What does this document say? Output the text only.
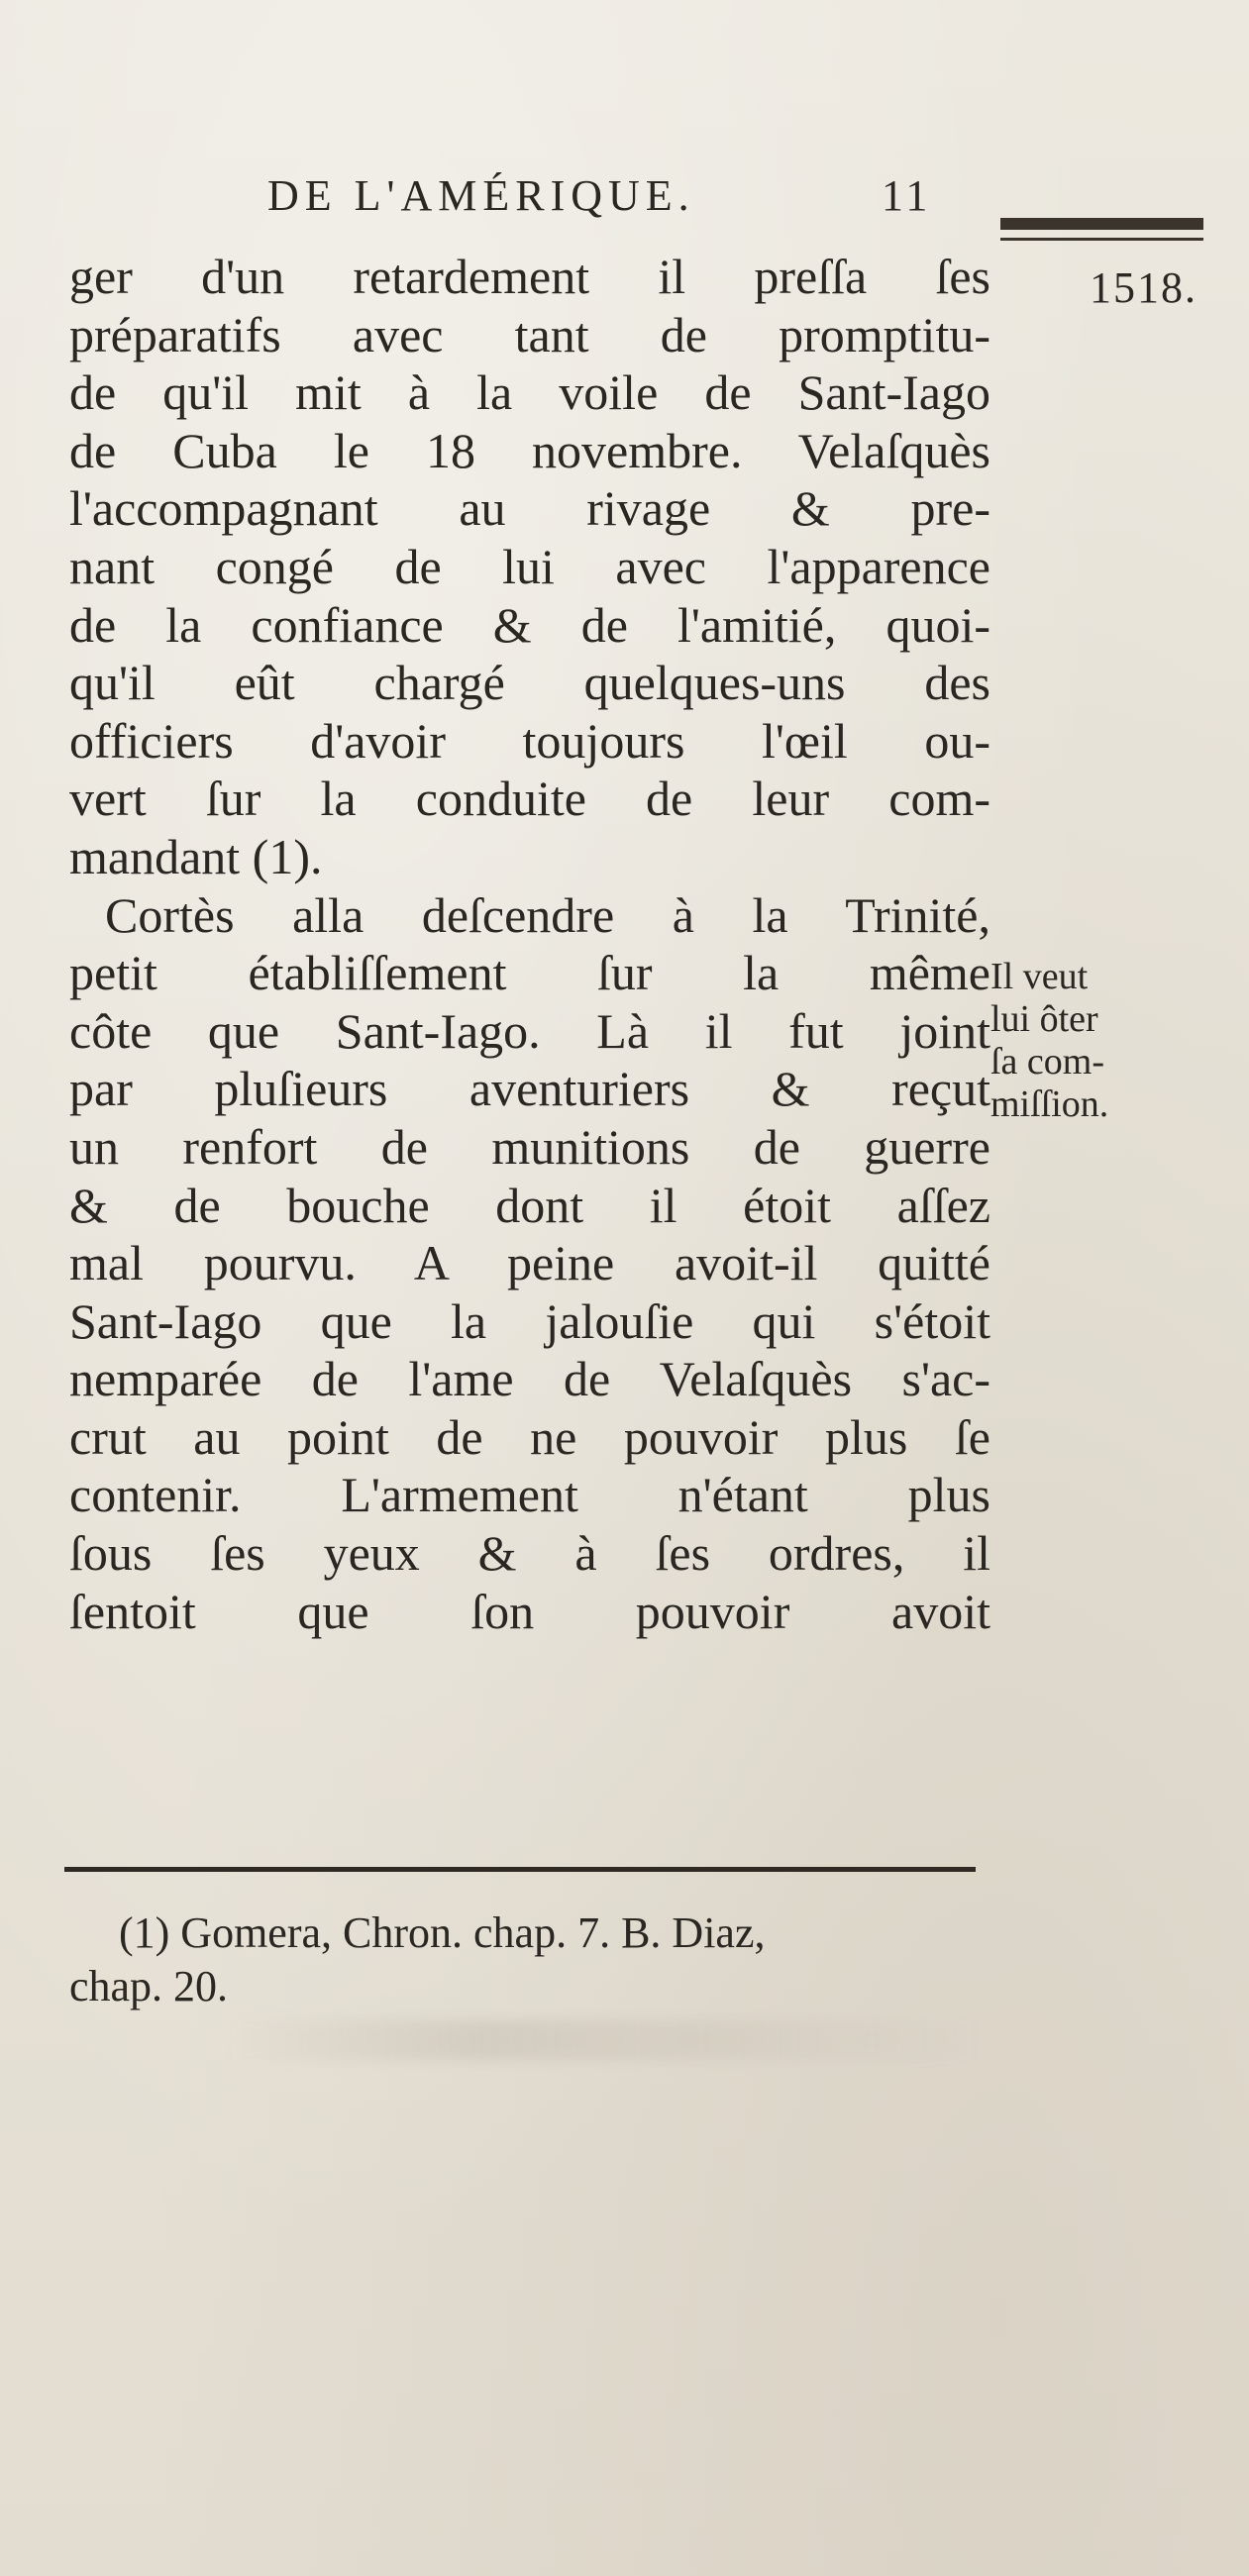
DE L'AMÉRIQUE.	11
1518.
ger d'un retardement il preſſa ſes
préparatifs avec tant de promptitu-
de qu'il mit à la voile de Sant-Iago
de Cuba le 18 novembre. Velaſquès
l'accompagnant au rivage & pre-
nant congé de lui avec l'apparence
de la confiance & de l'amitié, quoi-
qu'il eût chargé quelques-uns des
officiers d'avoir toujours l'œil ou-
vert ſur la conduite de leur com-
mandant (1).
Cortès alla deſcendre à la Trinité,
petit établiſſement ſur la même
côte que Sant-Iago. Là il fut joint
par pluſieurs aventuriers & reçut
un renfort de munitions de guerre
& de bouche dont il étoit aſſez
mal pourvu. A peine avoit-il quitté
Sant-Iago que la jalouſie qui s'étoit
nemparée de l'ame de Velaſquès s'ac-
crut au point de ne pouvoir plus ſe
contenir. L'armement n'étant plus
ſous ſes yeux & à ſes ordres, il
ſentoit que ſon pouvoir avoit
Il veut
lui ôter
ſa com-
miſſion.
(1) Gomera, Chron. chap. 7. B. Diaz,
chap. 20.
